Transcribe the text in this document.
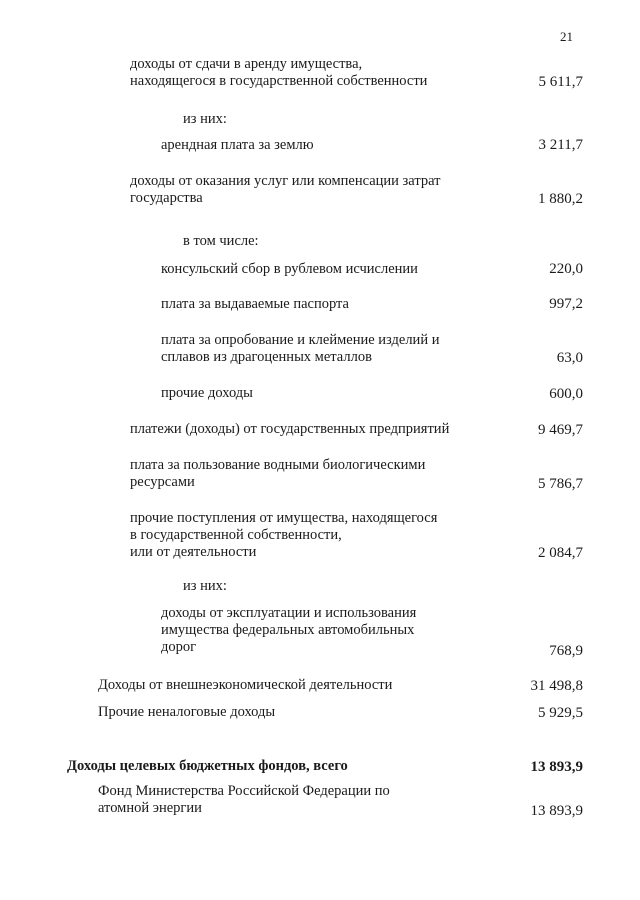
21
доходы от сдачи в аренду имущества,
находящегося в государственной собственности	5 611,7
из них:
арендная плата за землю	3 211,7
доходы от оказания услуг или компенсации затрат
государства	1 880,2
в том числе:
консульский сбор в рублевом исчислении	220,0
плата за выдаваемые паспорта	997,2
плата за опробование и клеймение изделий и
сплавов из драгоценных металлов	63,0
прочие доходы	600,0
платежи (доходы) от государственных предприятий	9 469,7
плата за пользование водными биологическими
ресурсами	5 786,7
прочие поступления от имущества, находящегося
в государственной собственности,
или от деятельности	2 084,7
из них:
доходы от эксплуатации и использования
имущества федеральных автомобильных
дорог	768,9
Доходы от внешнеэкономической деятельности	31 498,8
Прочие неналоговые доходы	5 929,5
Доходы целевых бюджетных фондов, всего	13 893,9
Фонд Министерства Российской Федерации по
атомной энергии	13 893,9
